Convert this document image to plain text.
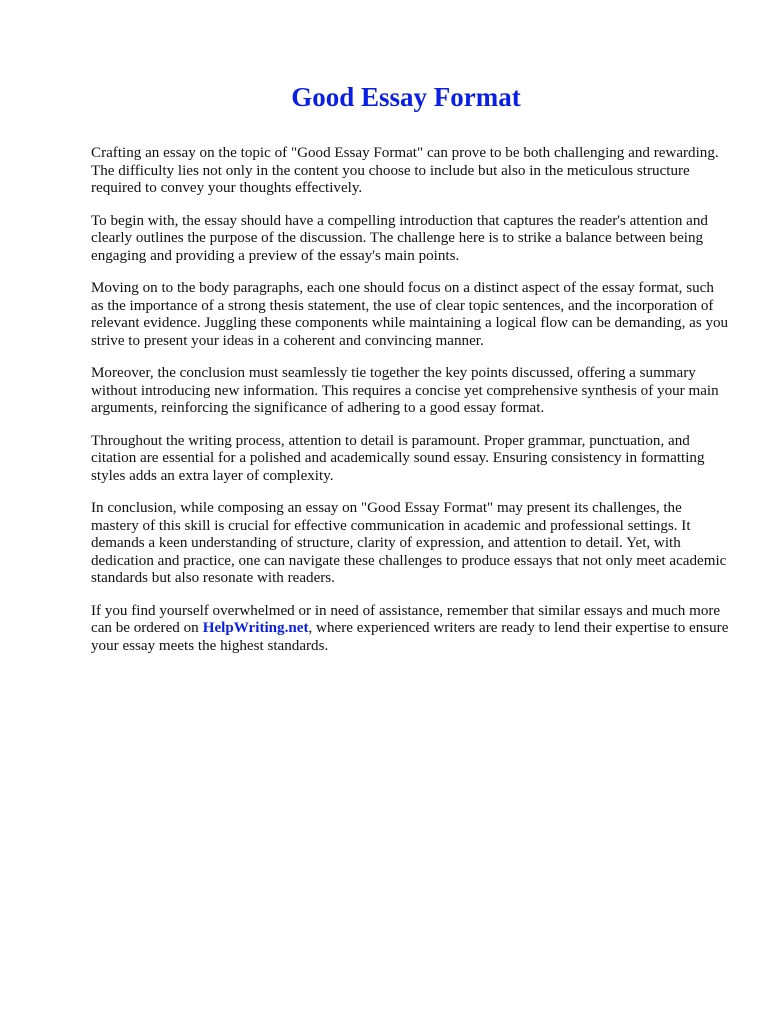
Good Essay Format

Crafting an essay on the topic of "Good Essay Format" can prove to be both challenging and rewarding. The difficulty lies not only in the content you choose to include but also in the meticulous structure required to convey your thoughts effectively.

To begin with, the essay should have a compelling introduction that captures the reader's attention and clearly outlines the purpose of the discussion. The challenge here is to strike a balance between being engaging and providing a preview of the essay's main points.

Moving on to the body paragraphs, each one should focus on a distinct aspect of the essay format, such as the importance of a strong thesis statement, the use of clear topic sentences, and the incorporation of relevant evidence. Juggling these components while maintaining a logical flow can be demanding, as you strive to present your ideas in a coherent and convincing manner.

Moreover, the conclusion must seamlessly tie together the key points discussed, offering a summary without introducing new information. This requires a concise yet comprehensive synthesis of your main arguments, reinforcing the significance of adhering to a good essay format.

Throughout the writing process, attention to detail is paramount. Proper grammar, punctuation, and citation are essential for a polished and academically sound essay. Ensuring consistency in formatting styles adds an extra layer of complexity.

In conclusion, while composing an essay on "Good Essay Format" may present its challenges, the mastery of this skill is crucial for effective communication in academic and professional settings. It demands a keen understanding of structure, clarity of expression, and attention to detail. Yet, with dedication and practice, one can navigate these challenges to produce essays that not only meet academic standards but also resonate with readers.

If you find yourself overwhelmed or in need of assistance, remember that similar essays and much more can be ordered on HelpWriting.net, where experienced writers are ready to lend their expertise to ensure your essay meets the highest standards.
